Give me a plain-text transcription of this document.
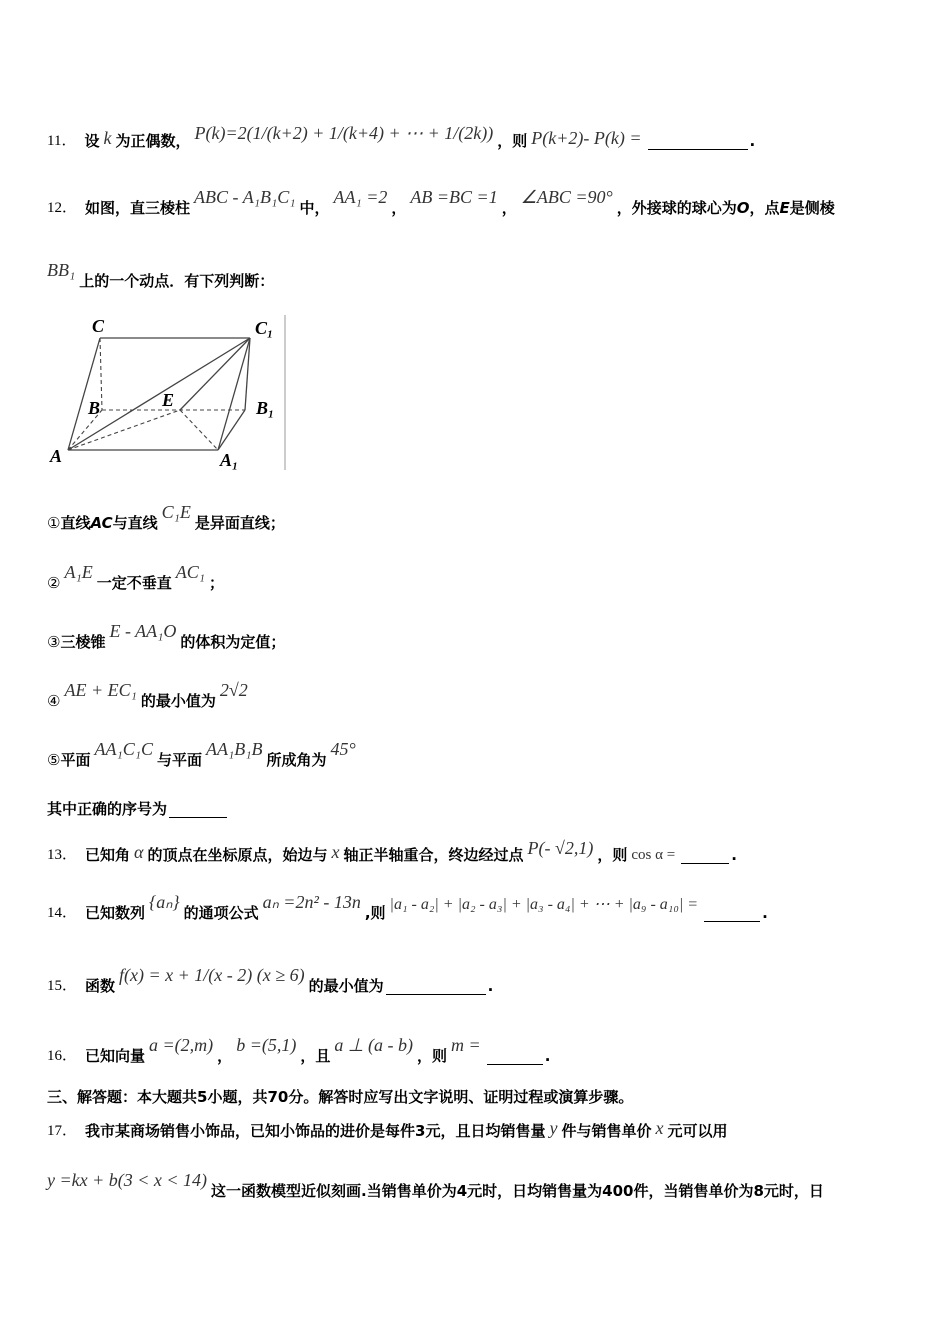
11． 设 k 为正偶数， P(k)=2(1/(k+2) + 1/(k+4) + ⋯ + 1/(2k)) ，则 P(k+2)- P(k) =	.
12． 如图，直三棱柱
ABC - A₁B₁C₁
中，
AA₁ =2
，
AB =BC =1
，
∠ABC =90°
，外接球的球心为 O ，点 E 是侧棱
BB₁
上的一个动点．有下列判断：
C	C₁
B	E	B₁
A	A₁
① 直线 AC 与直线
C₁E
是异面直线；
②
A₁E
一定不垂直
AC₁
；
③ 三棱锥
E - AA₁O
的体积为定值；
④
AE + EC₁
的最小值为
2√2
⑤ 平面
AA₁C₁C
与平面
AA₁B₁B
所成角为
45°
其中正确的序号为
13． 已知角 α 的顶点在坐标原点，始边与 x 轴正半轴重合，终边经过点 P(- √2,1) ，则 cos α =	.
14． 已知数列
{aₙ}
的通项公式
aₙ =2n² - 13n
,则 |a₁ - a₂| + |a₂ - a₃| + |a₃ - a₄| + ⋯ + |a₉ - a₁₀| =	.
15． 函数
f(x) = x + 1/(x - 2) (x ≥ 6)
的最小值为	.
16． 已知向量
a =(2,m)
，
b =(5,1)
，且
a ⊥ (a - b)
，则
m =
.
三、解答题：本大题共5小题，共70分。解答时应写出文字说明、证明过程或演算步骤。
17． 我市某商场销售小饰品，已知小饰品的进价是每件3元，且日均销售量 y 件与销售单价 x 元可以用
y =kx + b(3 < x < 14)
这一函数模型近似刻画.当销售单价为4元时，日均销售量为400件，当销售单价为8元时，日
